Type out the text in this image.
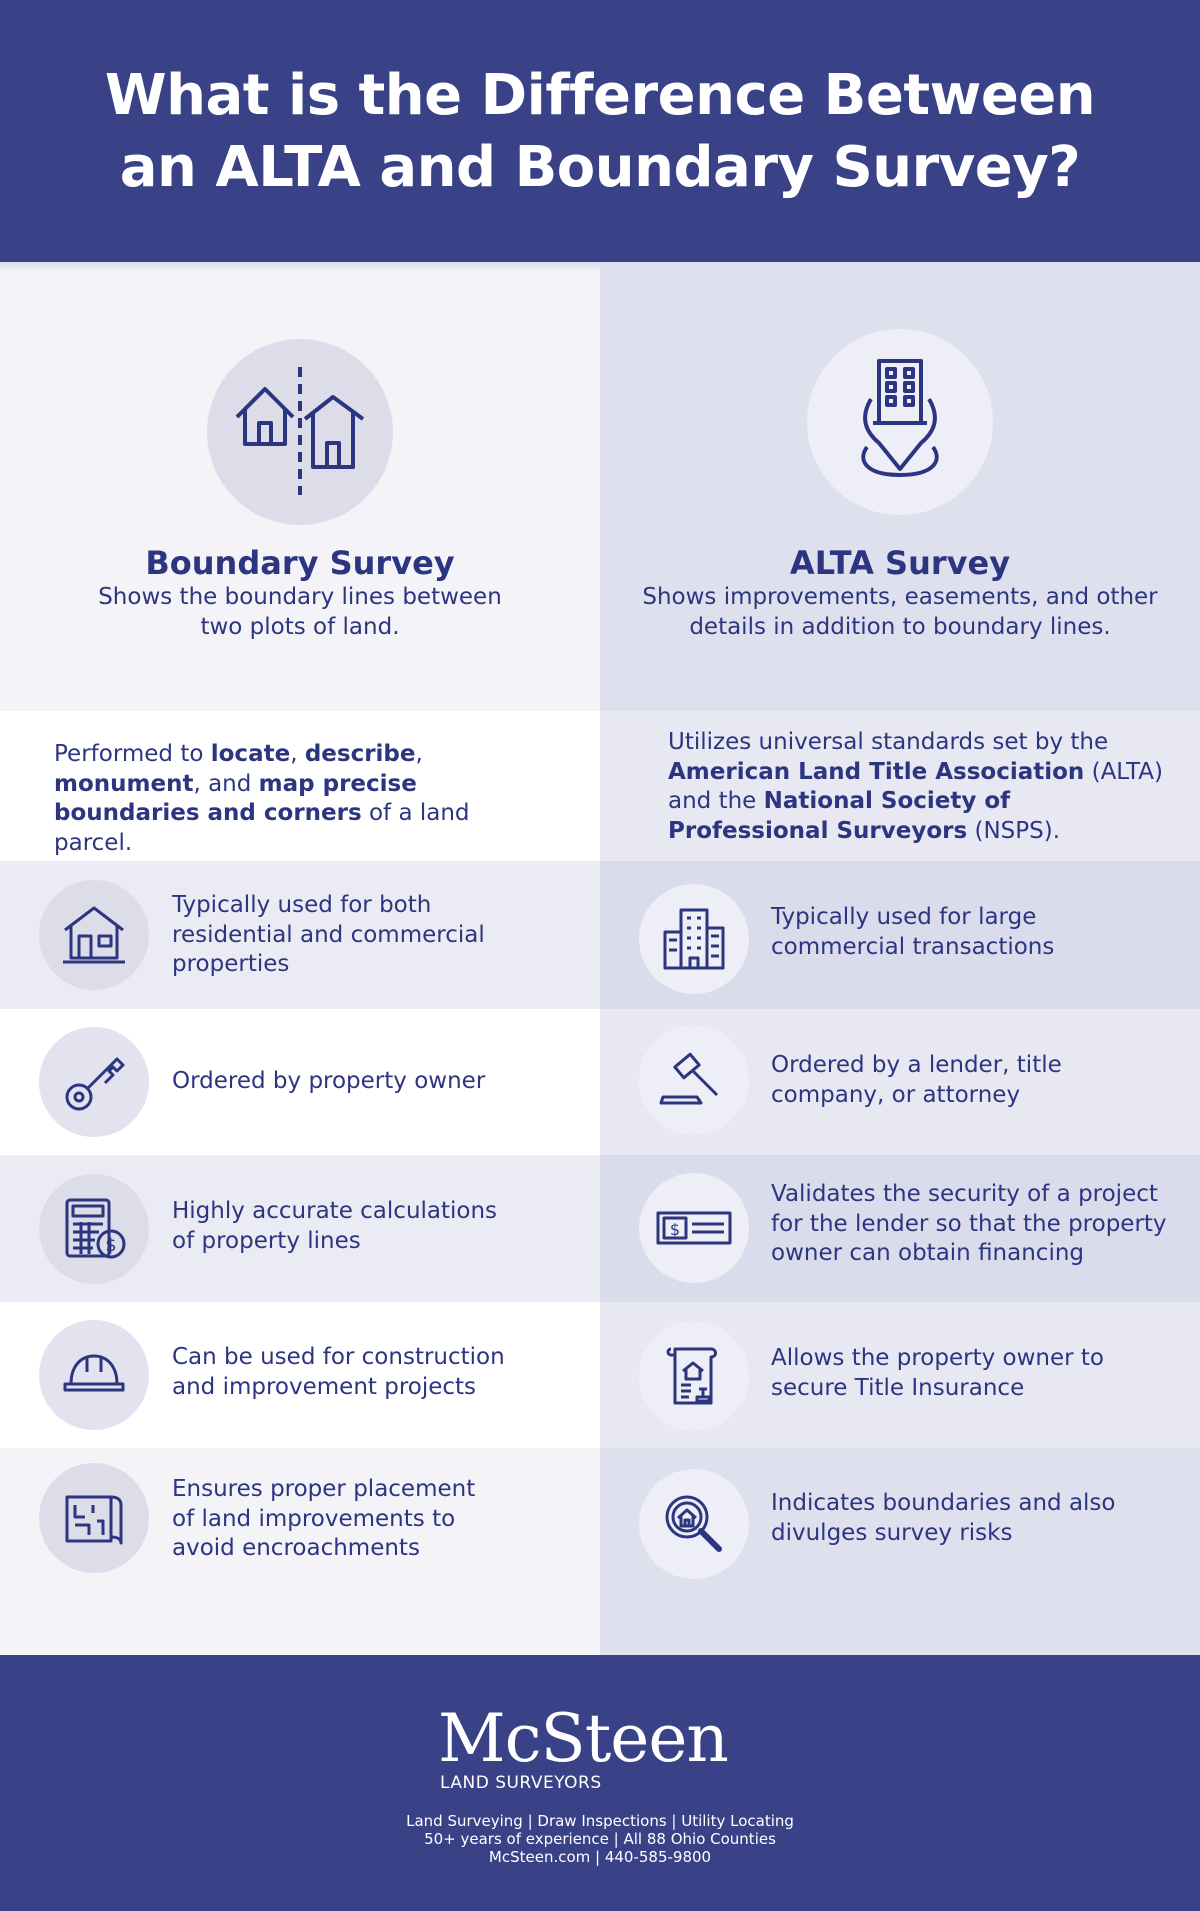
What is the Difference Between an ALTA and Boundary Survey?
Boundary Survey
Shows the boundary lines between two plots of land.
ALTA Survey
Shows improvements, easements, and other details in addition to boundary lines.
Performed to locate, describe, monument, and map precise boundaries and corners of a land parcel.
Utilizes universal standards set by the American Land Title Association (ALTA) and the National Society of Professional Surveyors (NSPS).
Typically used for both residential and commercial properties
Ordered by property owner
$
Highly accurate calculations of property lines
Can be used for construction and improvement projects
Ensures proper placement of land improvements to avoid encroachments
Typically used for large commercial transactions
Ordered by a lender, title company, or attorney
$
Validates the security of a project for the lender so that the property owner can obtain financing
Allows the property owner to secure Title Insurance
Indicates boundaries and also divulges survey risks
McSteen
LAND SURVEYORS
Land Surveying | Draw Inspections | Utility Locating
50+ years of experience | All 88 Ohio Counties
McSteen.com | 440-585-9800
